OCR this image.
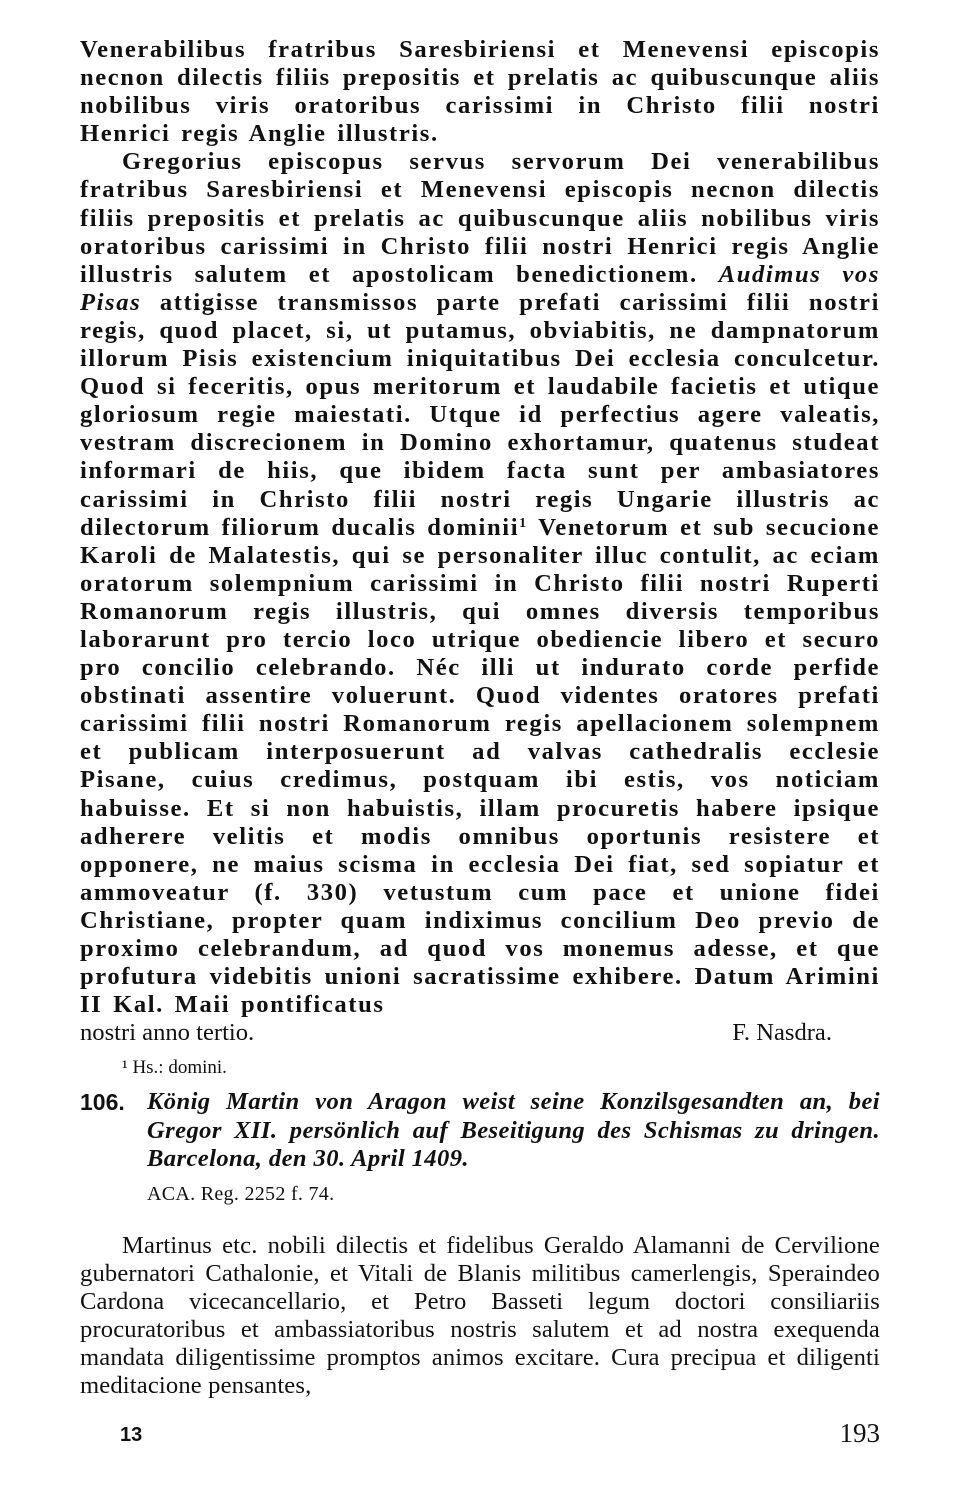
Venerabilibus fratribus Saresbiriensi et Menevensi episcopis necnon dilectis filiis prepositis et prelatis ac quibuscunque aliis nobilibus viris oratoribus carissimi in Christo filii nostri Henrici regis Anglie illustris.

Gregorius episcopus servus servorum Dei venerabilibus fratribus Saresbiriensi et Menevensi episcopis necnon dilectis filiis prepositis et prelatis ac quibuscunque aliis nobilibus viris oratoribus carissimi in Christo filii nostri Henrici regis Anglie illustris salutem et apostolicam benedictionem. Audimus vos Pisas attigisse transmissos parte prefati carissimi filii nostri regis, quod placet, si, ut putamus, obviabitis, ne dampnatorum illorum Pisis existencium iniquitatibus Dei ecclesia conculcetur. Quod si feceritis, opus meritorum et laudabile facietis et utique gloriosum regie maiestati. Utque id perfectius agere valeatis, vestram discrecionem in Domino exhortamur, quatenus studeat informari de hiis, que ibidem facta sunt per ambasiatores carissimi in Christo filii nostri regis Ungarie illustris ac dilectorum filiorum ducalis dominii$^1$ Venetorum et sub secucione Karoli de Malatestis, qui se personaliter illuc contulit, ac eciam oratorum solempnium carissimi in Christo filii nostri Ruperti Romanorum regis illustris, qui omnes diversis temporibus laborarunt pro tercio loco utrique obediencie libero et securo pro concilio celebrando. Néc illi ut indurato corde perfide obstinati assentire voluerunt. Quod videntes oratores prefati carissimi filii nostri Romanorum regis apellacionem solempnem et publicam interposuerunt ad valvas cathedralis ecclesie Pisane, cuius credimus, postquam ibi estis, vos noticiam habuisse. Et si non habuistis, illam procuretis habere ipsique adherere velitis et modis omnibus oportunis resistere et opponere, ne maius scisma in ecclesia Dei fiat, sed sopiatur et ammoveatur (f. 330) vetustum cum pace et unione fidei Christiane, propter quam indiximus concilium Deo previo de proximo celebrandum, ad quod vos monemus adesse, et que profutura videbitis unioni sacratissime exhibere. Datum Arimini II Kal. Maii pontificatus

nostri anno tertio.	F. Nasdra.
¹ Hs.: domini.
106. König Martin von Aragon weist seine Konzilsgesandten an, bei Gregor XII. persönlich auf Beseitigung des Schismas zu dringen. Barcelona, den 30. April 1409.
ACA. Reg. 2252 f. 74.

Martinus etc. nobili dilectis et fidelibus Geraldo Alamanni de Cervilione gubernatori Cathalonie, et Vitali de Blanis militibus camerlengis, Speraindeo Cardona vicecancellario, et Petro Basseti legum doctori consiliariis procuratoribus et ambassiatoribus nostris salutem et ad nostra exequenda mandata diligentissime promptos animos excitare. Cura precipua et diligenti meditacione pensantes,

13	193
